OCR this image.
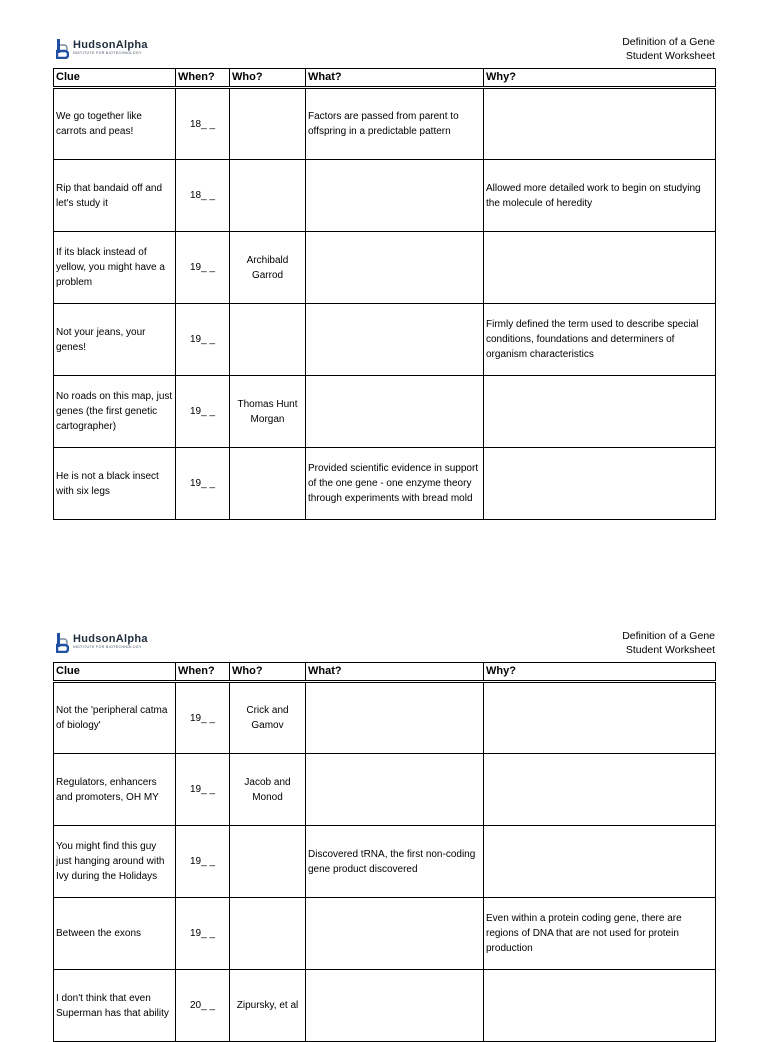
HudsonAlpha
INSTITUTE FOR BIOTECHNOLOGY
Definition of a Gene
Student Worksheet
Clue	When?	Who?	What?	Why?
We go together like carrots and peas!	18_ _		Factors are passed from parent to offspring in a predictable pattern	
Rip that bandaid off and let's study it	18_ _			Allowed more detailed work to begin on studying the molecule of heredity
If its black instead of yellow, you might have a problem	19_ _	Archibald Garrod		
Not your jeans, your genes!	19_ _			Firmly defined the term used to describe special conditions, foundations and determiners of organism characteristics
No roads on this map, just genes (the first genetic cartographer)	19_ _	Thomas Hunt Morgan		
He is not a black insect with six legs	19_ _		Provided scientific evidence in support of the one gene - one enzyme theory through experiments with bread mold	
HudsonAlpha
INSTITUTE FOR BIOTECHNOLOGY
Definition of a Gene
Student Worksheet
Clue	When?	Who?	What?	Why?
Not the 'peripheral catma of biology'	19_ _	Crick and Gamov		
Regulators, enhancers and promoters, OH MY	19_ _	Jacob and Monod		
You might find this guy just hanging around with Ivy during the Holidays	19_ _		Discovered tRNA, the first non-coding gene product discovered	
Between the exons	19_ _			Even within a protein coding gene, there are regions of DNA that are not used for protein production
I don't think that even Superman has that ability	20_ _	Zipursky, et al		
